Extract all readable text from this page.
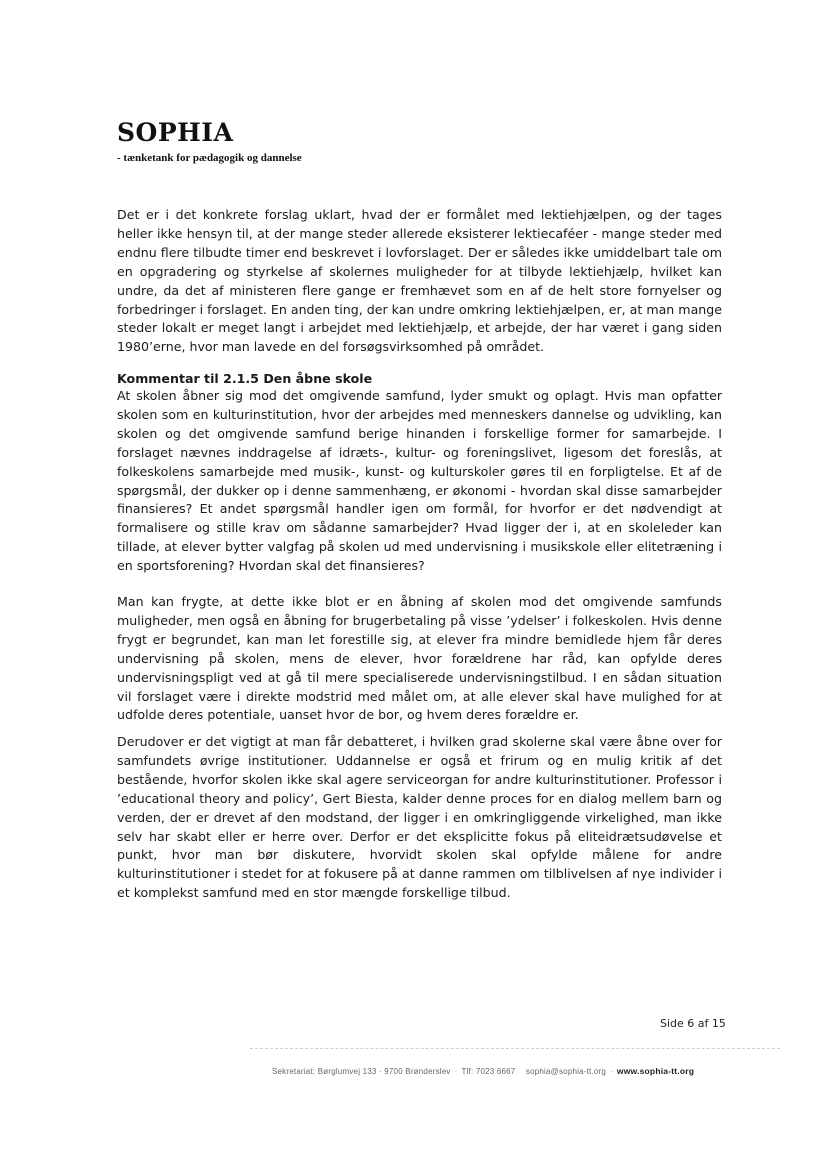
SOPHIA
- tænketank for pædagogik og dannelse

Det er i det konkrete forslag uklart, hvad der er formålet med lektiehjælpen, og der tages heller ikke hensyn til, at der mange steder allerede eksisterer lektiecaféer - mange steder med endnu flere tilbudte timer end beskrevet i lovforslaget. Der er således ikke umiddelbart tale om en opgradering og styrkelse af skolernes muligheder for at tilbyde lektiehjælp, hvilket kan undre, da det af ministeren flere gange er fremhævet som en af de helt store fornyelser og forbedringer i forslaget. En anden ting, der kan undre omkring lektiehjælpen, er, at man mange steder lokalt er meget langt i arbejdet med lektiehjælp, et arbejde, der har været i gang siden 1980’erne, hvor man lavede en del forsøgsvirksomhed på området.

Kommentar til 2.1.5 Den åbne skole

At skolen åbner sig mod det omgivende samfund, lyder smukt og oplagt. Hvis man opfatter skolen som en kulturinstitution, hvor der arbejdes med menneskers dannelse og udvikling, kan skolen og det omgivende samfund berige hinanden i forskellige former for samarbejde. I forslaget nævnes inddragelse af idræts-, kultur- og foreningslivet, ligesom det foreslås, at folkeskolens samarbejde med musik-, kunst- og kulturskoler gøres til en forpligtelse. Et af de spørgsmål, der dukker op i denne sammenhæng, er økonomi - hvordan skal disse samarbejder finansieres? Et andet spørgsmål handler igen om formål, for hvorfor er det nødvendigt at formalisere og stille krav om sådanne samarbejder? Hvad ligger der i, at en skoleleder kan tillade, at elever bytter valgfag på skolen ud med undervisning i musikskole eller elitetræning i en sportsforening? Hvordan skal det finansieres?

Man kan frygte, at dette ikke blot er en åbning af skolen mod det omgivende samfunds muligheder, men også en åbning for brugerbetaling på visse ’ydelser’ i folkeskolen. Hvis denne frygt er begrundet, kan man let forestille sig, at elever fra mindre bemidlede hjem får deres undervisning på skolen, mens de elever, hvor forældrene har råd, kan opfylde deres undervisningspligt ved at gå til mere specialiserede undervisningstilbud. I en sådan situation vil forslaget være i direkte modstrid med målet om, at alle elever skal have mulighed for at udfolde deres potentiale, uanset hvor de bor, og hvem deres forældre er.

Derudover er det vigtigt at man får debatteret, i hvilken grad skolerne skal være åbne over for samfundets øvrige institutioner. Uddannelse er også et frirum og en mulig kritik af det bestående, hvorfor skolen ikke skal agere serviceorgan for andre kulturinstitutioner. Professor i ’educational theory and policy’, Gert Biesta, kalder denne proces for en dialog mellem barn og verden, der er drevet af den modstand, der ligger i en omkringliggende virkelighed, man ikke selv har skabt eller er herre over. Derfor er det eksplicitte fokus på eliteidrætsudøvelse et punkt, hvor man bør diskutere, hvorvidt skolen skal opfylde målene for andre kulturinstitutioner i stedet for at fokusere på at danne rammen om tilblivelsen af nye individer i et komplekst samfund med en stor mængde forskellige tilbud.

Side 6 af 15
Sekretariat: Børglumvej 133 · 9700 Brønderslev · Tlf: 7023 6667 sophia@sophia-tt.org · www.sophia-tt.org
